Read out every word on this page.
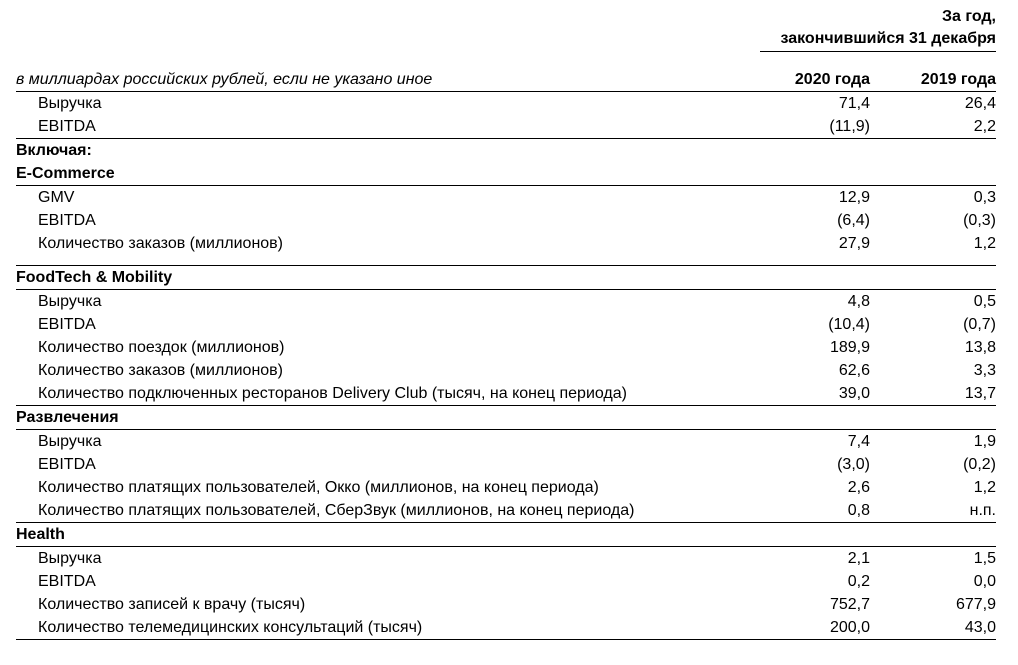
За год,
закончившийся 31 декабря
в миллиардах российских рублей, если не указано иное	2020 года	2019 года
Выручка	71,4	26,4
EBITDA	(11,9)	2,2
Включая:
E-Commerce
GMV	12,9	0,3
EBITDA	(6,4)	(0,3)
Количество заказов (миллионов)	27,9	1,2
FoodTech & Mobility
Выручка	4,8	0,5
EBITDA	(10,4)	(0,7)
Количество поездок (миллионов)	189,9	13,8
Количество заказов (миллионов)	62,6	3,3
Количество подключенных ресторанов Delivery Club (тысяч, на конец периода)	39,0	13,7
Развлечения
Выручка	7,4	1,9
EBITDA	(3,0)	(0,2)
Количество платящих пользователей, Окко (миллионов, на конец периода)	2,6	1,2
Количество платящих пользователей, СберЗвук (миллионов, на конец периода)	0,8	н.п.
Health
Выручка	2,1	1,5
EBITDA	0,2	0,0
Количество записей к врачу (тысяч)	752,7	677,9
Количество телемедицинских консультаций (тысяч)	200,0	43,0
